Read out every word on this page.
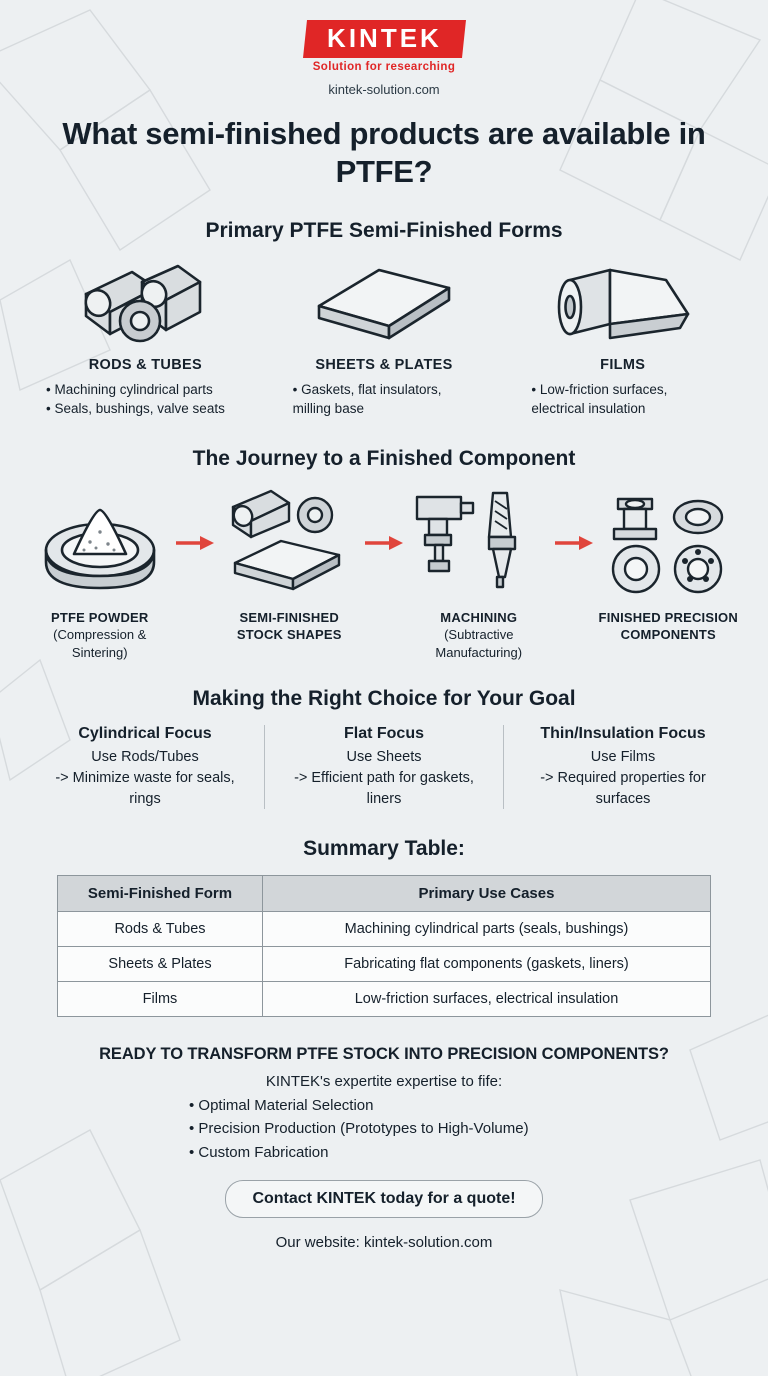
KINTEK
Solution for researching
kintek-solution.com
What semi-finished products are available in PTFE?
Primary PTFE Semi-Finished Forms
RODS & TUBES
• Machining cylindrical parts
• Seals, bushings, valve seats
SHEETS & PLATES
• Gaskets, flat insulators,
milling base
FILMS
• Low-friction surfaces,
electrical insulation
The Journey to a Finished Component
PTFE POWDER
(Compression & Sintering)
SEMI-FINISHED STOCK SHAPES
MACHINING
(Subtractive Manufacturing)
FINISHED PRECISION COMPONENTS
Making the Right Choice for Your Goal
Cylindrical Focus

Use Rods/Tubes

-> Minimize waste for seals, rings

Flat Focus

Use Sheets

-> Efficient path for gaskets, liners

Thin/Insulation Focus

Use Films

-> Required properties for surfaces

Summary Table:
Semi-Finished Form	Primary Use Cases
Rods & Tubes	Machining cylindrical parts (seals, bushings)
Sheets & Plates	Fabricating flat components (gaskets, liners)
Films	Low-friction surfaces, electrical insulation
READY TO TRANSFORM PTFE STOCK INTO PRECISION COMPONENTS?
KINTEK's expertite expertise to fife:
• Optimal Material Selection
• Precision Production (Prototypes to High-Volume)
• Custom Fabrication
Contact KINTEK today for a quote!
Our website: kintek-solution.com
